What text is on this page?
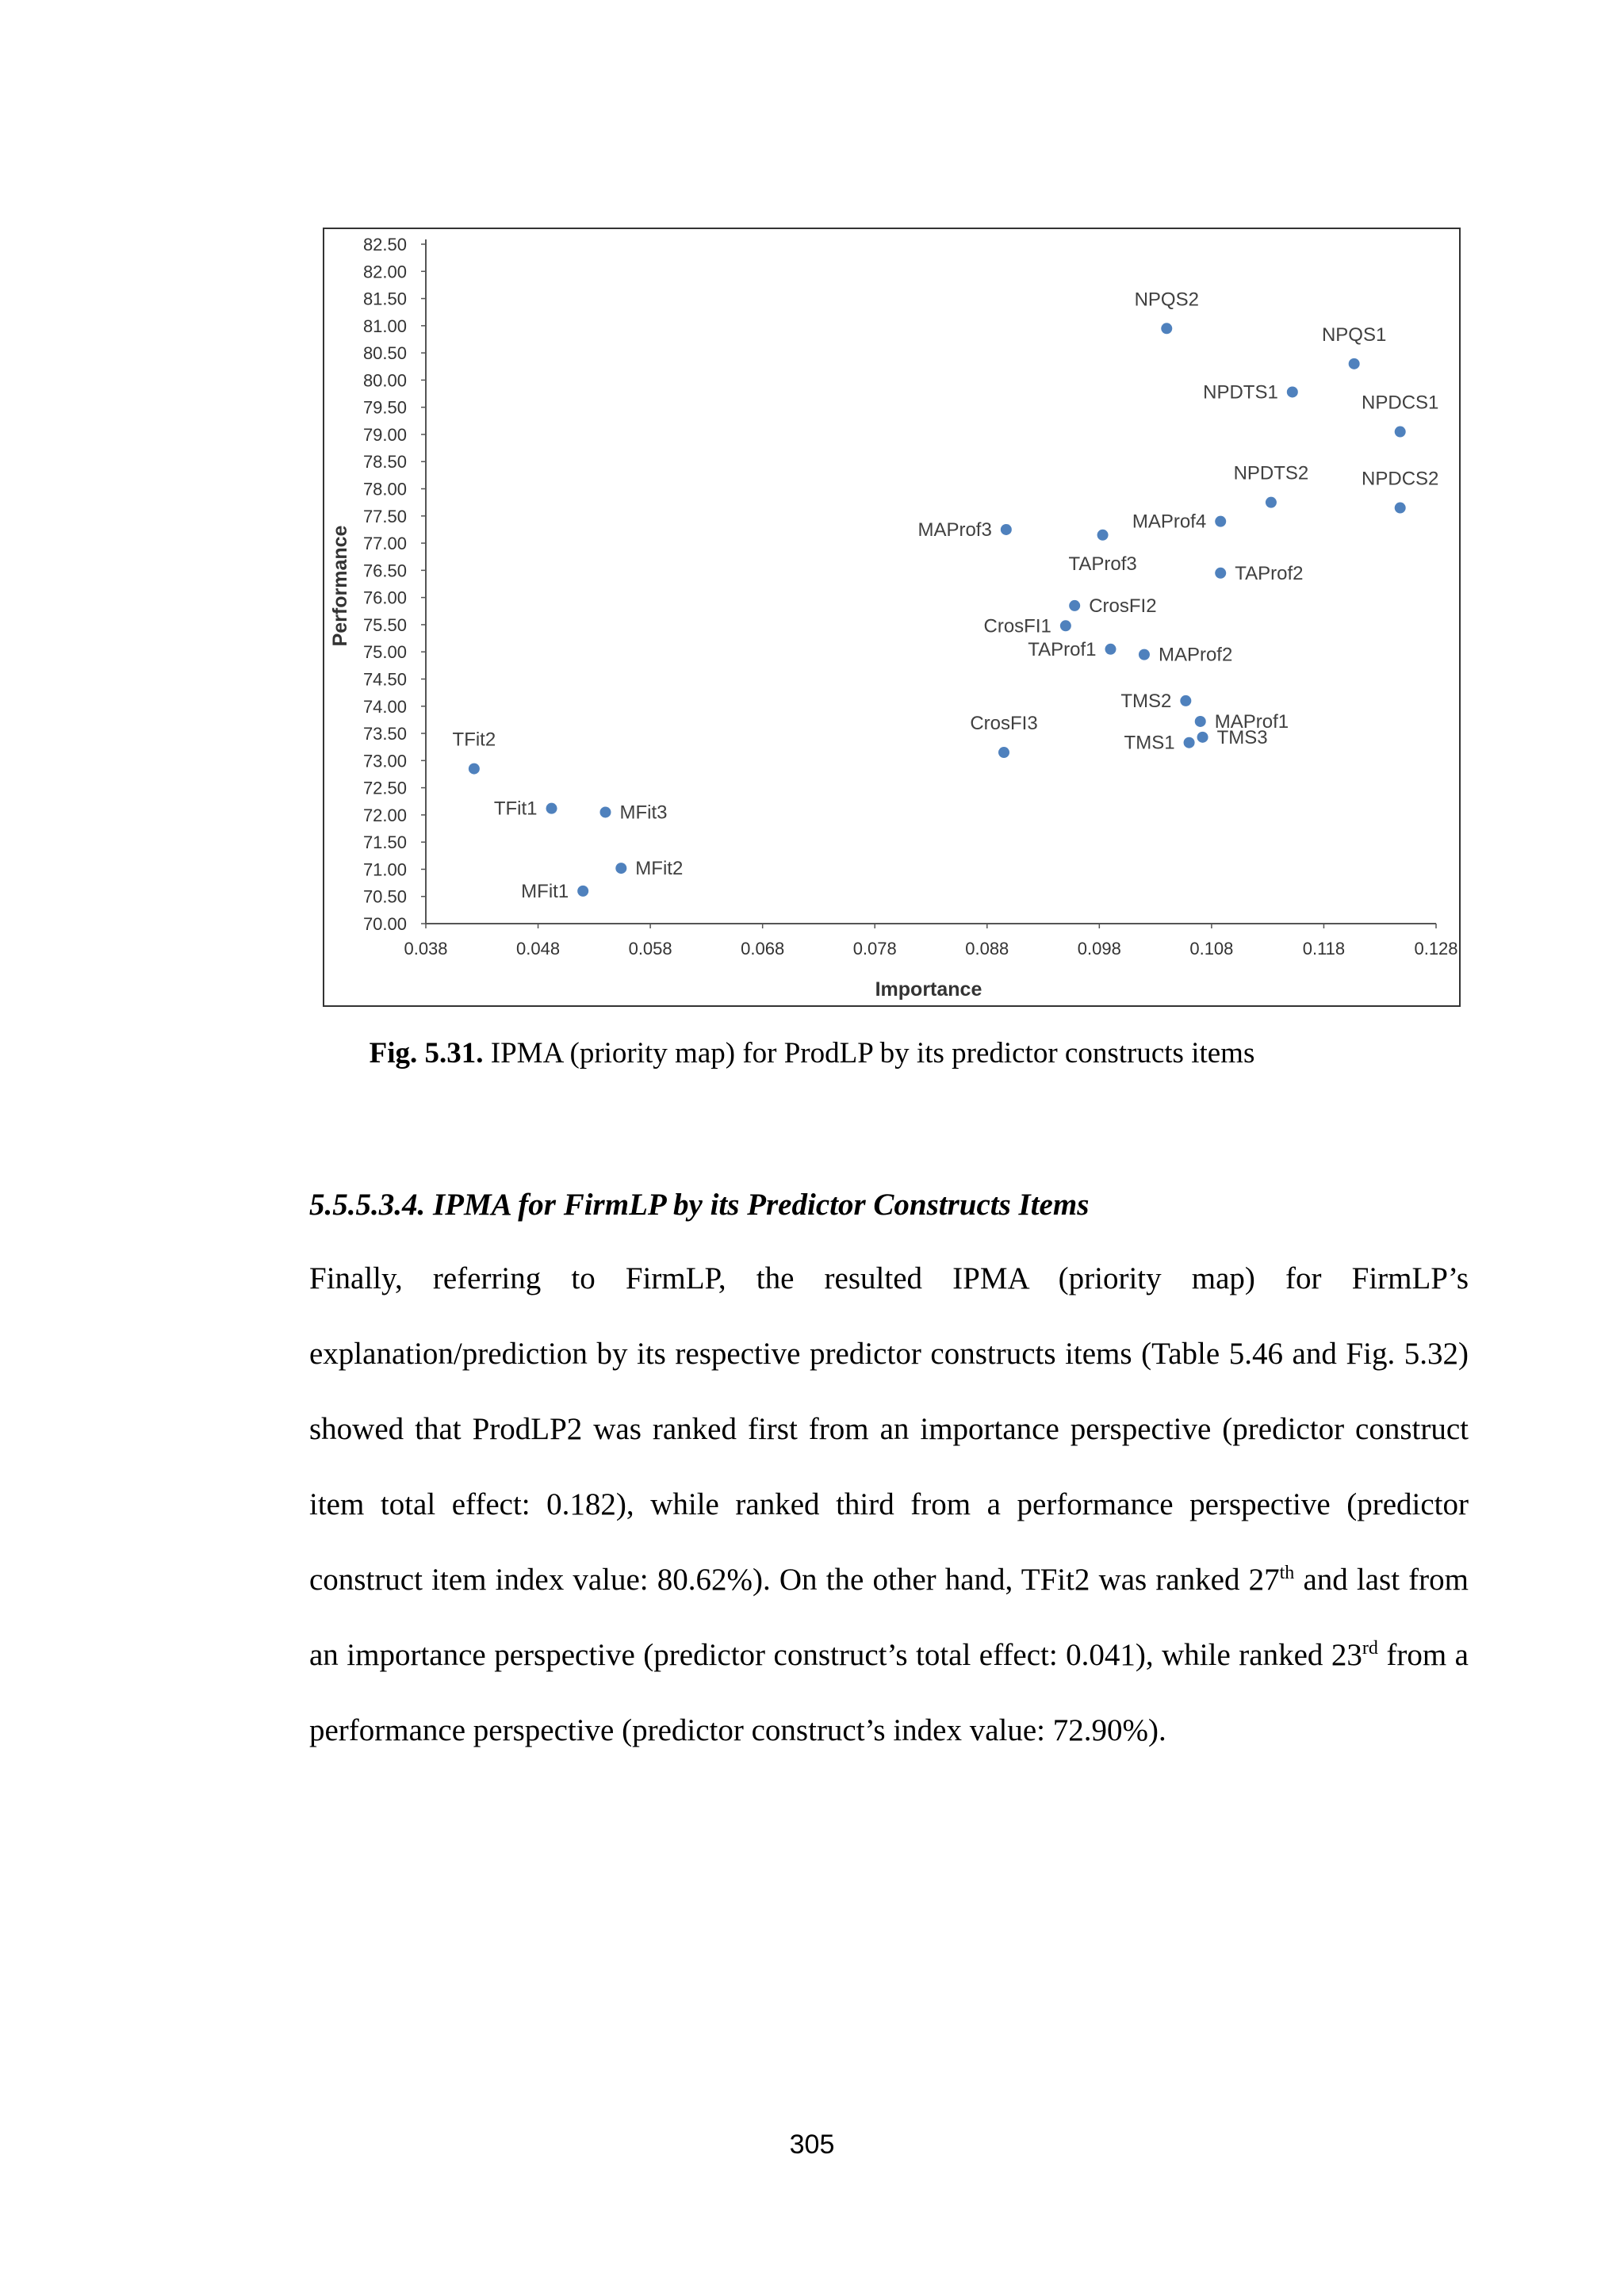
70.00
70.50
71.00
71.50
72.00
72.50
73.00
73.50
74.00
74.50
75.00
75.50
76.00
76.50
77.00
77.50
78.00
78.50
79.00
79.50
80.00
80.50
81.00
81.50
82.00
82.50
0.038	0.048	0.058	0.068	0.078	0.088	0.098	0.108	0.118	0.128
NPQS2
NPQS1
NPDTS1	NPDCS1
NPDTS2	NPDCS2
MAProf3	MAProf4
TAProf3	TAProf2
CrosFI2
CrosFI1
TAProf1	MAProf2
TMS2
MAProf1
TMS3
TMS1
CrosFI3
TFit2
TFit1	MFit3
MFit2
MFit1
Importance
Performance
Fig. 5.31. IPMA (priority map) for ProdLP by its predictor constructs items
5.5.5.3.4. IPMA for FirmLP by its Predictor Constructs Items
Finally, referring to FirmLP, the resulted IPMA (priority map) for FirmLP’s explanation/prediction by its respective predictor constructs items (Table 5.46 and Fig. 5.32) showed that ProdLP2 was ranked first from an importance perspective (predictor construct item total effect: 0.182), while ranked third from a performance perspective (predictor construct item index value: 80.62%). On the other hand, TFit2 was ranked 27th and last from an importance perspective (predictor construct’s total effect: 0.041), while ranked 23rd from a performance perspective (predictor construct’s index value: 72.90%).
305
